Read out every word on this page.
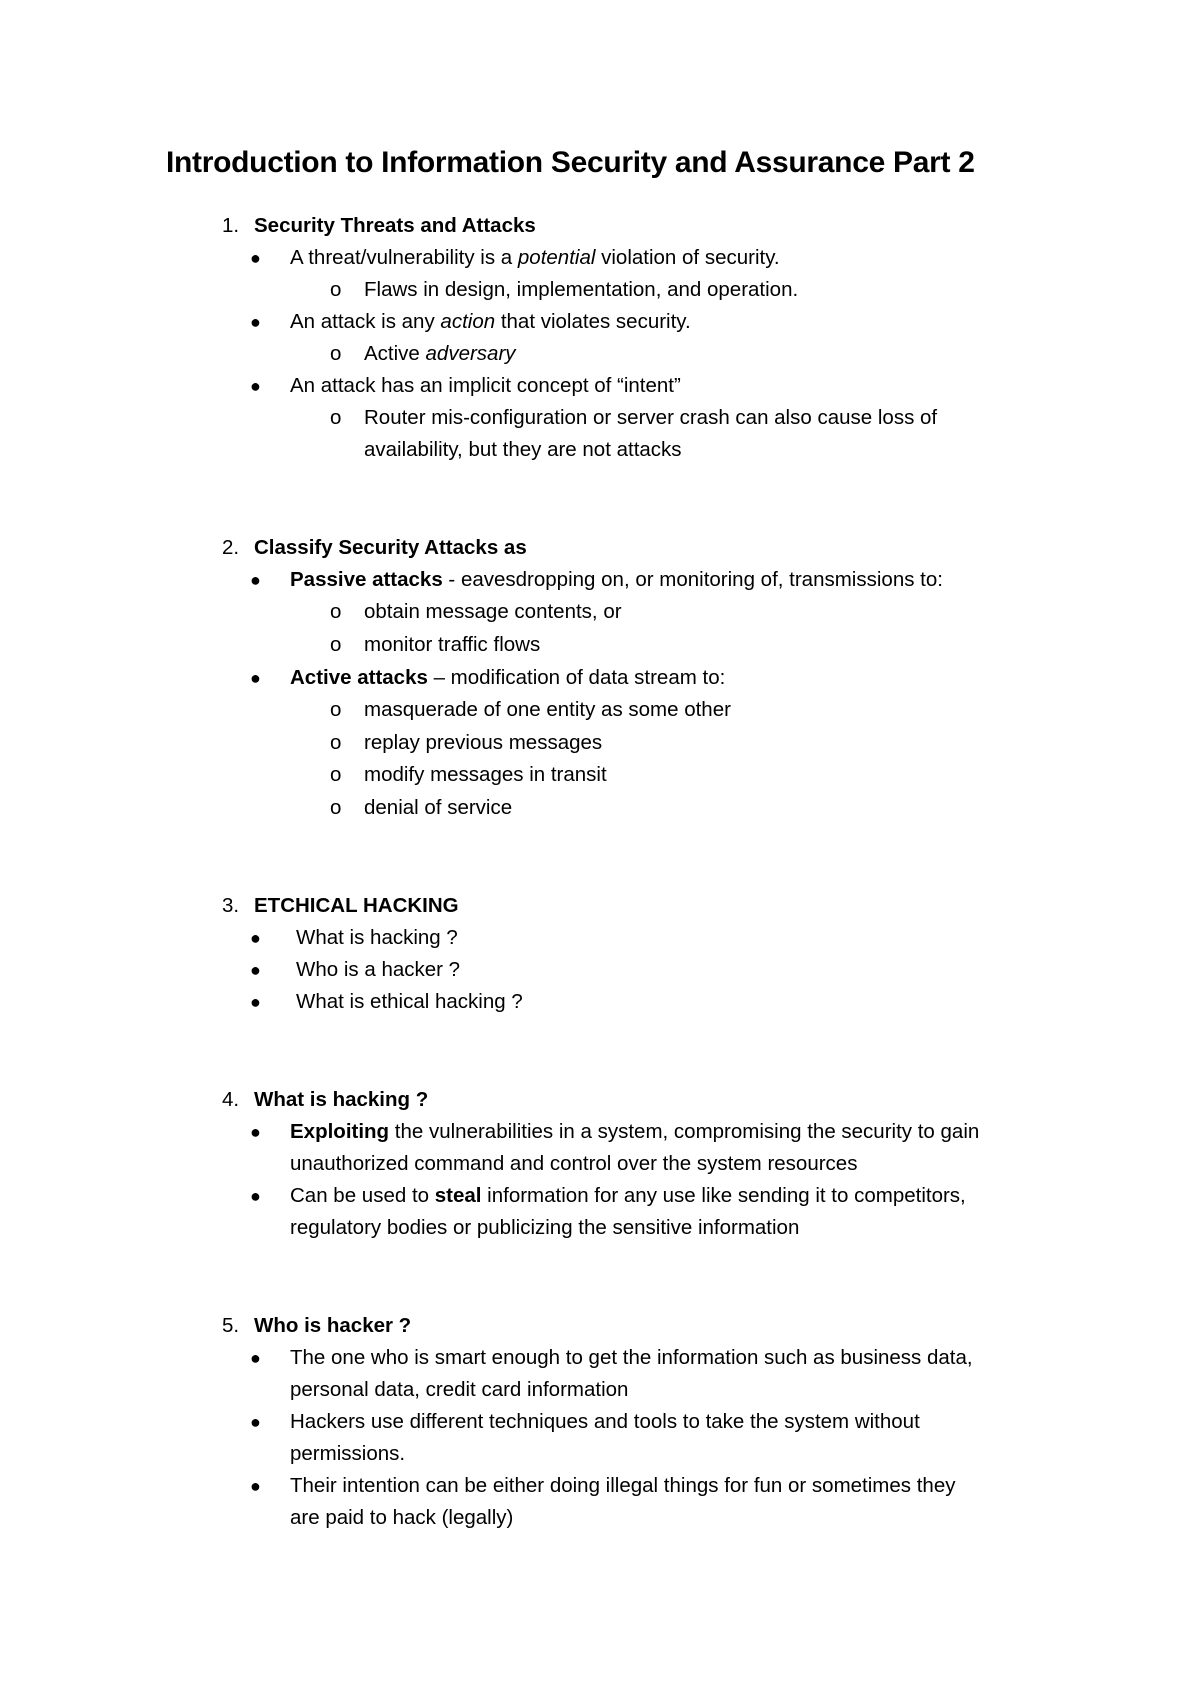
Introduction to Information Security and Assurance Part 2
1. Security Threats and Attacks
● A threat/vulnerability is a potential violation of security.
o Flaws in design, implementation, and operation.
● An attack is any action that violates security.
o Active adversary
● An attack has an implicit concept of “intent”
o Router mis-configuration or server crash can also cause loss of
availability, but they are not attacks
2. Classify Security Attacks as
● Passive attacks - eavesdropping on, or monitoring of, transmissions to:
o obtain message contents, or
o monitor traffic flows
● Active attacks – modification of data stream to:
o masquerade of one entity as some other
o replay previous messages
o modify messages in transit
o denial of service
3. ETCHICAL HACKING
● What is hacking ?
● Who is a hacker ?
● What is ethical hacking ?
4. What is hacking ?
● Exploiting the vulnerabilities in a system, compromising the security to gain
unauthorized command and control over the system resources
● Can be used to steal information for any use like sending it to competitors,
regulatory bodies or publicizing the sensitive information
5. Who is hacker ?
● The one who is smart enough to get the information such as business data,
personal data, credit card information
● Hackers use different techniques and tools to take the system without
permissions.
● Their intention can be either doing illegal things for fun or sometimes they
are paid to hack (legally)
